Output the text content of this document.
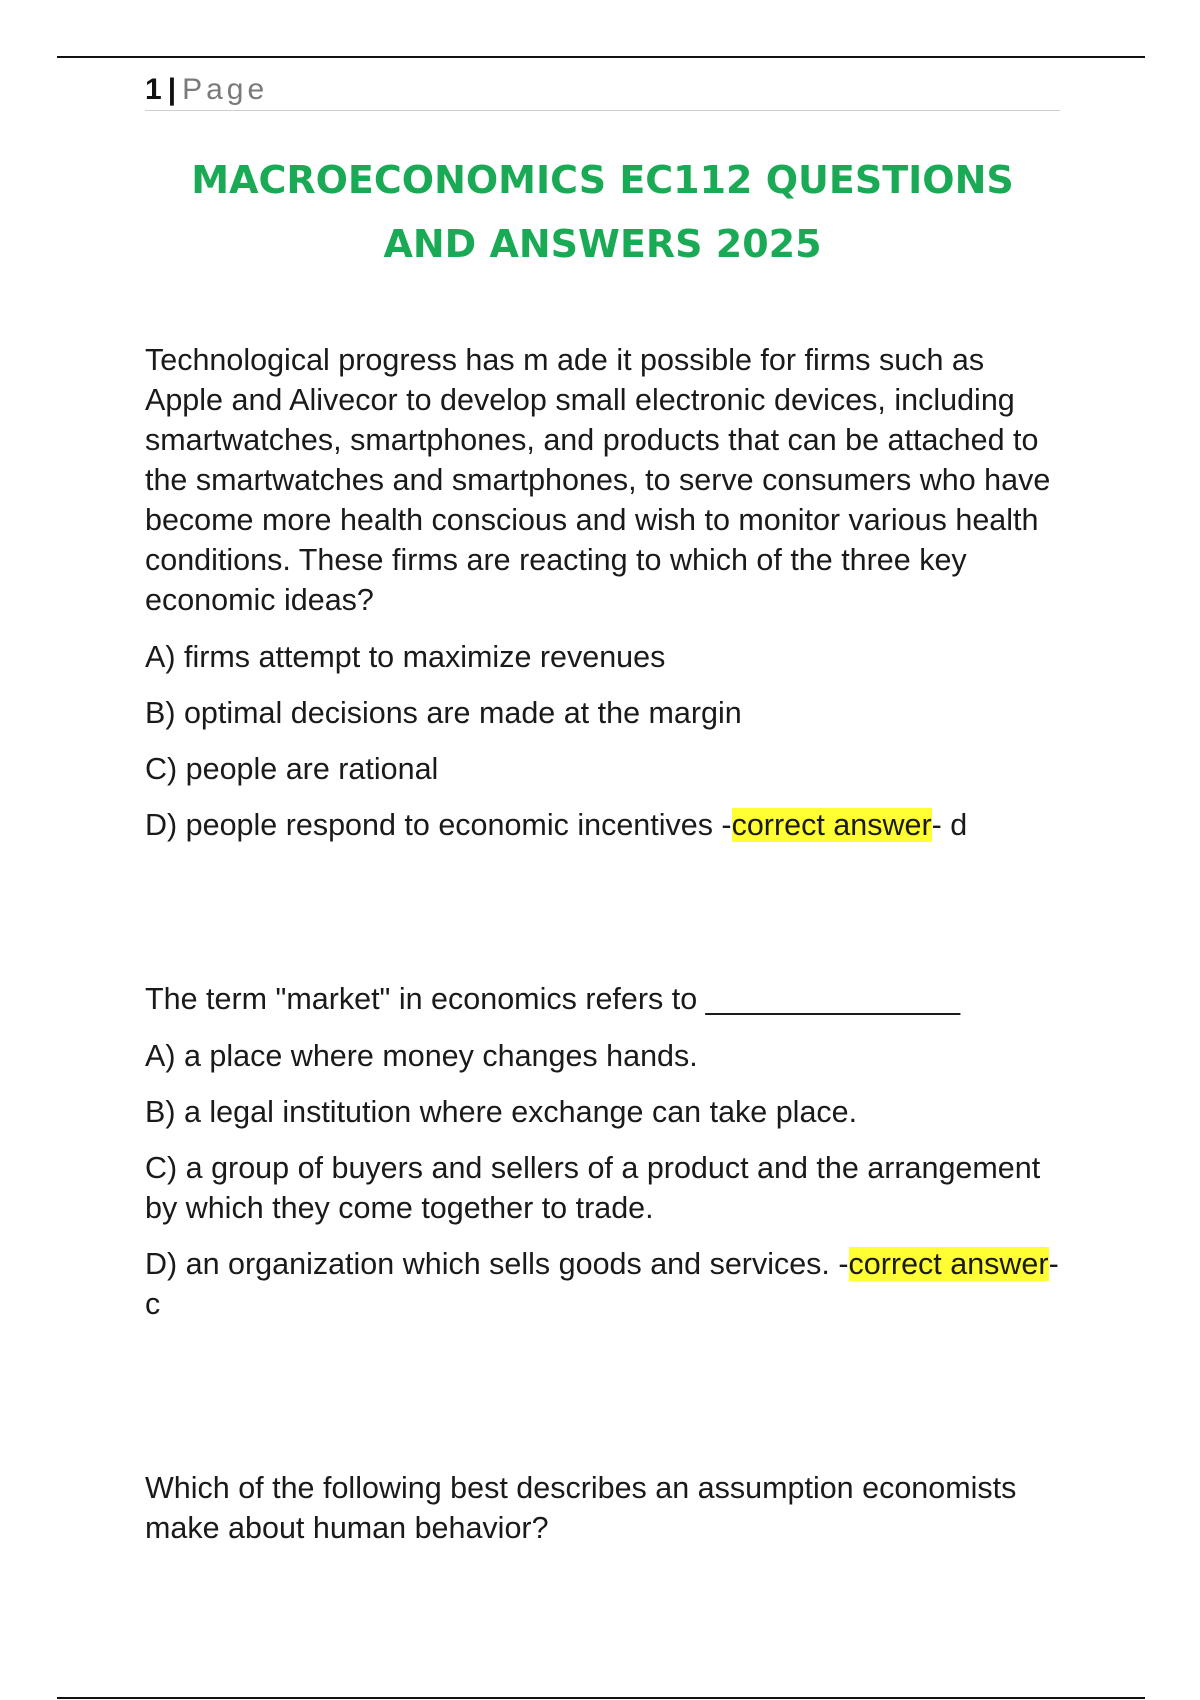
1 | Page
MACROECONOMICS EC112 QUESTIONS
AND ANSWERS 2025

Technological progress has m ade it possible for firms such as Apple and Alivecor to develop small electronic devices, including smartwatches, smartphones, and products that can be attached to the smartwatches and smartphones, to serve consumers who have become more health conscious and wish to monitor various health conditions. These firms are reacting to which of the three key economic ideas?

A) firms attempt to maximize revenues

B) optimal decisions are made at the margin

C) people are rational

D) people respond to economic incentives -correct answer- d

The term "market" in economics refers to _______________

A) a place where money changes hands.

B) a legal institution where exchange can take place.

C) a group of buyers and sellers of a product and the arrangement by which they come together to trade.

D) an organization which sells goods and services. -correct answer- c

Which of the following best describes an assumption economists make about human behavior?
